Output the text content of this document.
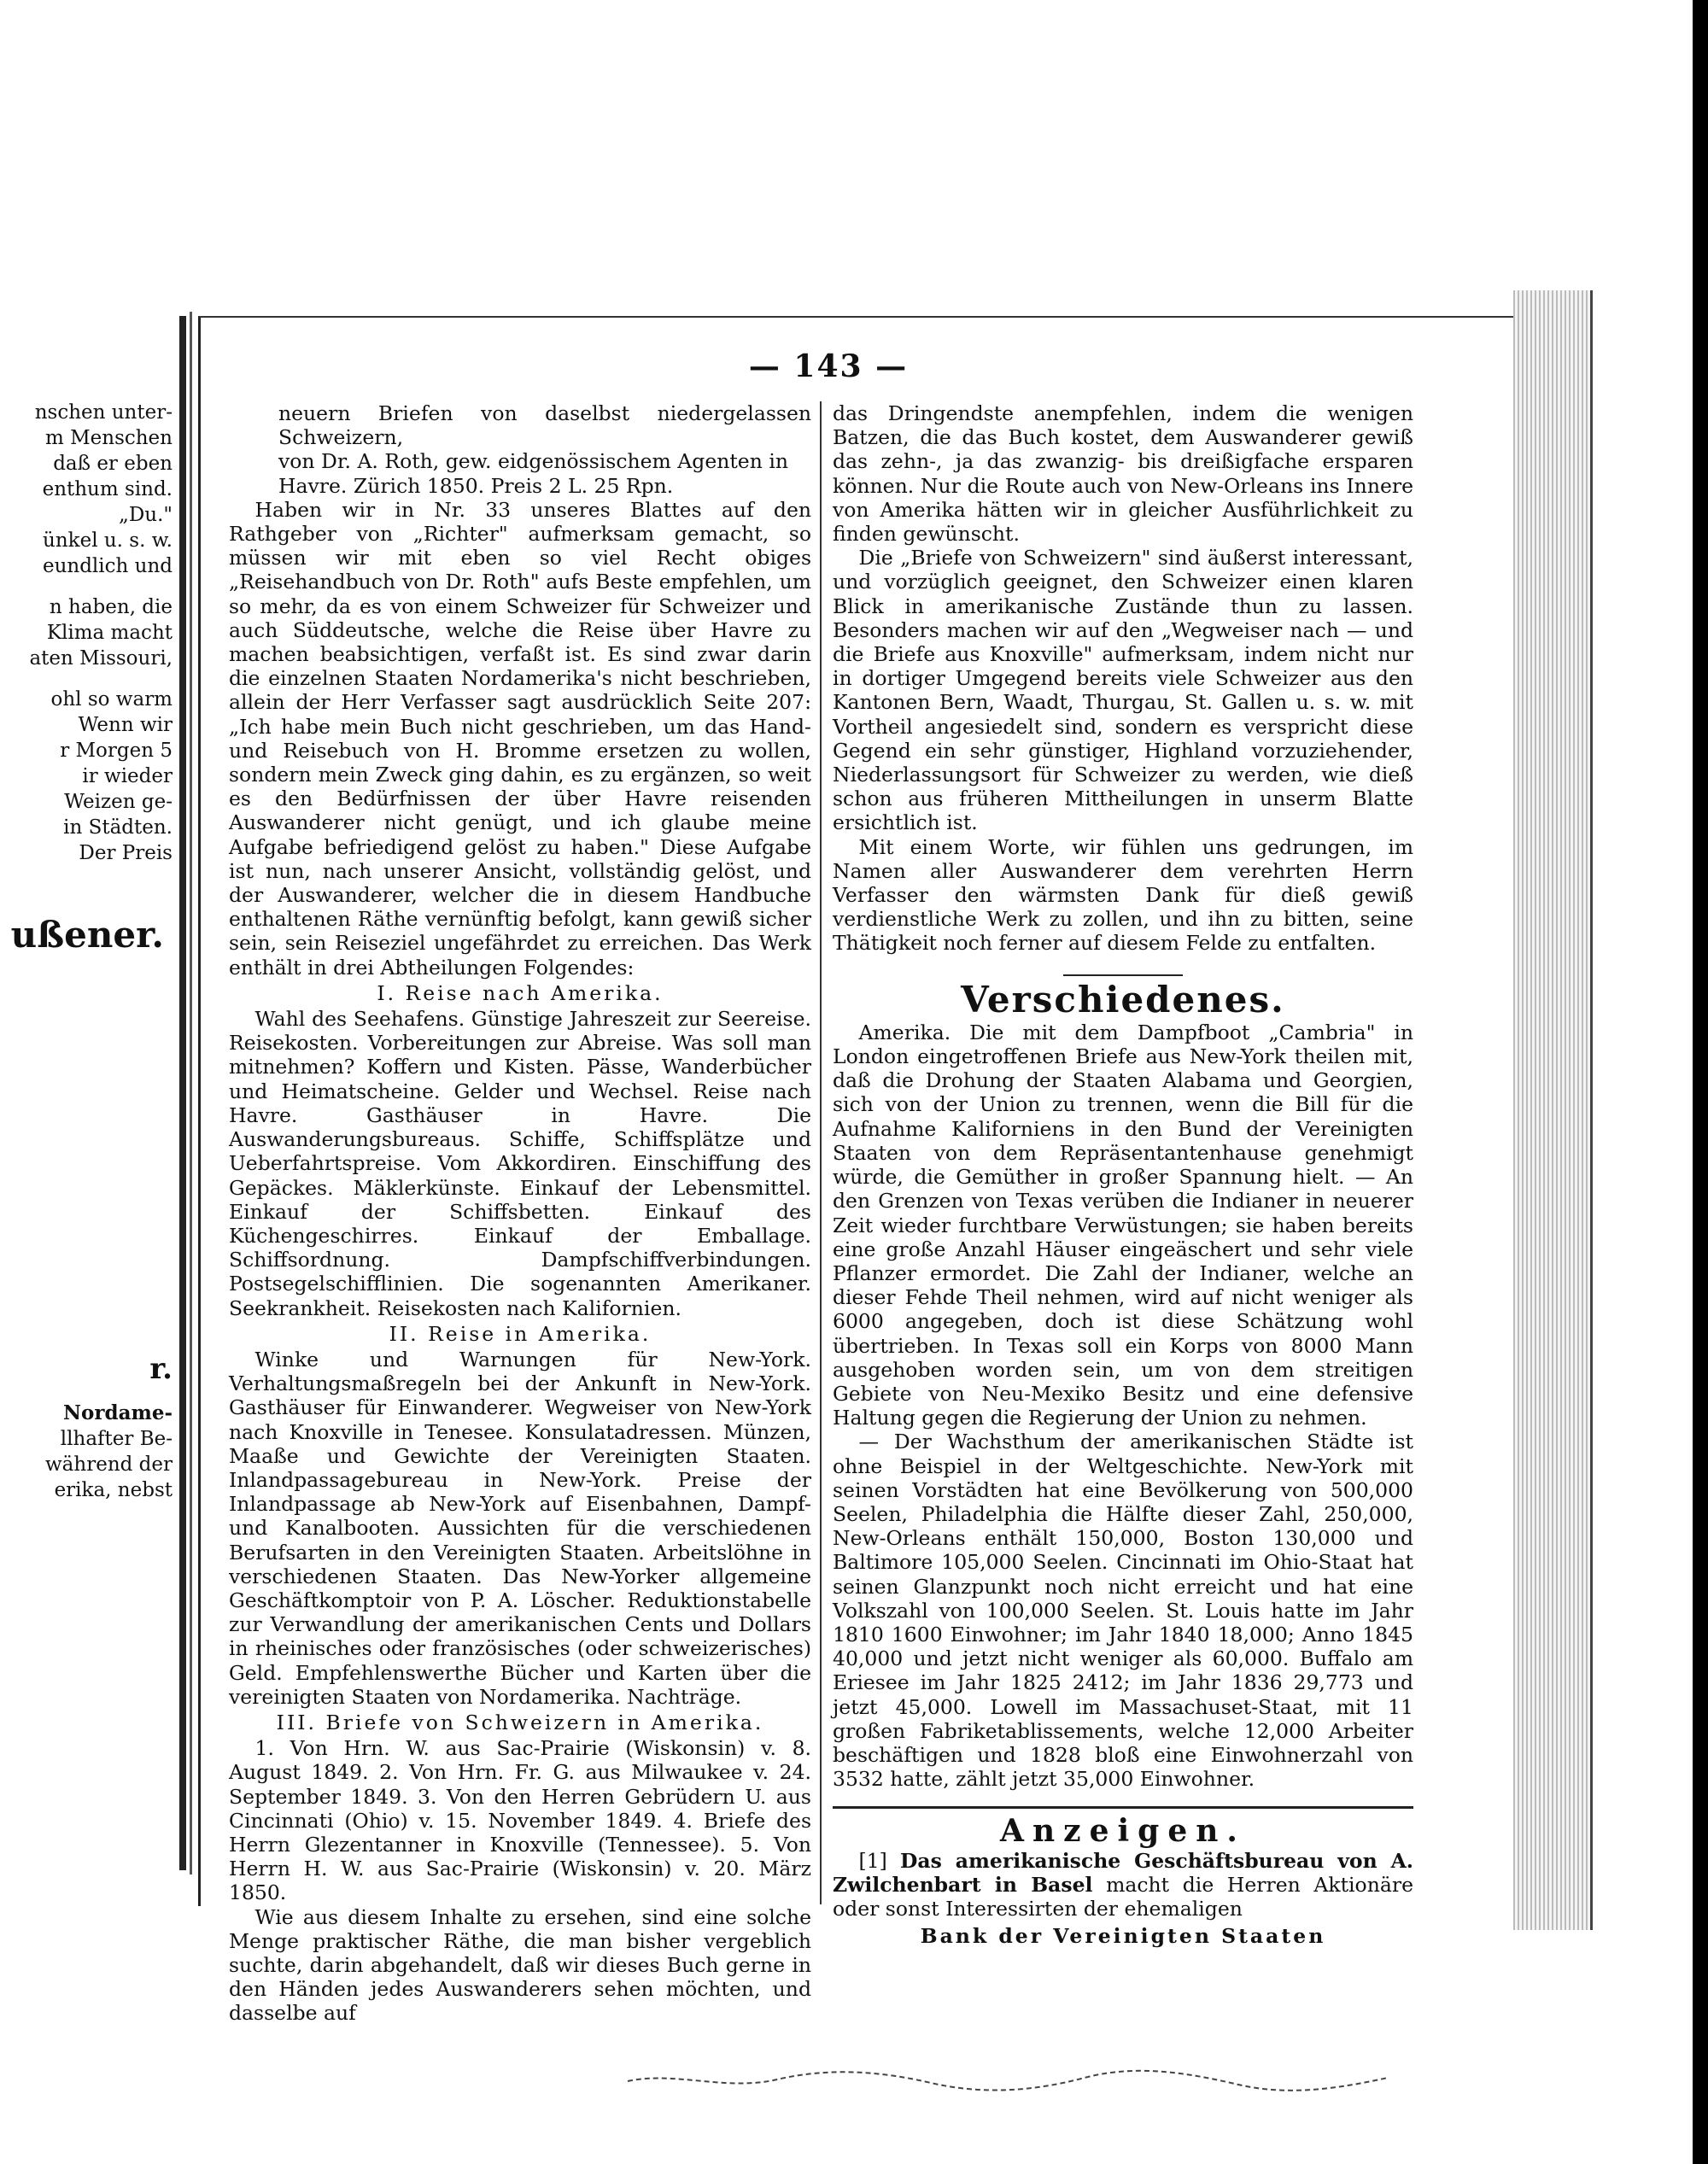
nschen unter-
m Menschen
daß er eben
enthum sind.
„Du."
ünkel u. s. w.
eundlich und
n haben, die
Klima macht
aten Missouri,
ohl so warm
Wenn wir
r Morgen 5
ir wieder
Weizen ge-
in Städten.
Der Preis
ußener.
r.
Nordame-
llhafter Be-
während der
erika, nebst
— 143 —

neuern Briefen von daselbst niedergelassen Schweizern,

von Dr. A. Roth, gew. eidgenössischem Agenten in

Havre. Zürich 1850. Preis 2 L. 25 Rpn.

Haben wir in Nr. 33 unseres Blattes auf den Rathgeber von „Richter" aufmerksam gemacht, so müssen wir mit eben so viel Recht obiges „Reisehandbuch von Dr. Roth" aufs Beste empfehlen, um so mehr, da es von einem Schweizer für Schweizer und auch Süddeutsche, welche die Reise über Havre zu machen beabsichtigen, verfaßt ist. Es sind zwar darin die einzelnen Staaten Nordamerika's nicht beschrieben, allein der Herr Verfasser sagt ausdrücklich Seite 207: „Ich habe mein Buch nicht geschrieben, um das Hand- und Reisebuch von H. Bromme ersetzen zu wollen, sondern mein Zweck ging dahin, es zu ergänzen, so weit es den Bedürfnissen der über Havre reisenden Auswanderer nicht genügt, und ich glaube meine Aufgabe befriedigend gelöst zu haben." Diese Aufgabe ist nun, nach unserer Ansicht, vollständig gelöst, und der Auswanderer, welcher die in diesem Handbuche enthaltenen Räthe vernünftig befolgt, kann gewiß sicher sein, sein Reiseziel ungefährdet zu erreichen. Das Werk enthält in drei Abtheilungen Folgendes:

I. Reise nach Amerika.

Wahl des Seehafens. Günstige Jahreszeit zur Seereise. Reisekosten. Vorbereitungen zur Abreise. Was soll man mitnehmen? Koffern und Kisten. Pässe, Wanderbücher und Heimatscheine. Gelder und Wechsel. Reise nach Havre. Gasthäuser in Havre. Die Auswanderungsbureaus. Schiffe, Schiffsplätze und Ueberfahrtspreise. Vom Akkordiren. Einschiffung des Gepäckes. Mäklerkünste. Einkauf der Lebensmittel. Einkauf der Schiffsbetten. Einkauf des Küchengeschirres. Einkauf der Emballage. Schiffsordnung. Dampfschiffverbindungen. Postsegelschifflinien. Die sogenannten Amerikaner. Seekrankheit. Reisekosten nach Kalifornien.

II. Reise in Amerika.

Winke und Warnungen für New-York. Verhaltungsmaßregeln bei der Ankunft in New-York. Gasthäuser für Einwanderer. Wegweiser von New-York nach Knoxville in Tenesee. Konsulatadressen. Münzen, Maaße und Gewichte der Vereinigten Staaten. Inlandpassagebureau in New-York. Preise der Inlandpassage ab New-York auf Eisenbahnen, Dampf- und Kanalbooten. Aussichten für die verschiedenen Berufsarten in den Vereinigten Staaten. Arbeitslöhne in verschiedenen Staaten. Das New-Yorker allgemeine Geschäftkomptoir von P. A. Löscher. Reduktionstabelle zur Verwandlung der amerikanischen Cents und Dollars in rheinisches oder französisches (oder schweizerisches) Geld. Empfehlenswerthe Bücher und Karten über die vereinigten Staaten von Nordamerika. Nachträge.

III. Briefe von Schweizern in Amerika.

1. Von Hrn. W. aus Sac-Prairie (Wiskonsin) v. 8. August 1849. 2. Von Hrn. Fr. G. aus Milwaukee v. 24. September 1849. 3. Von den Herren Gebrüdern U. aus Cincinnati (Ohio) v. 15. November 1849. 4. Briefe des Herrn Glezentanner in Knoxville (Tennessee). 5. Von Herrn H. W. aus Sac-Prairie (Wiskonsin) v. 20. März 1850.

Wie aus diesem Inhalte zu ersehen, sind eine solche Menge praktischer Räthe, die man bisher vergeblich suchte, darin abgehandelt, daß wir dieses Buch gerne in den Händen jedes Auswanderers sehen möchten, und dasselbe auf

das Dringendste anempfehlen, indem die wenigen Batzen, die das Buch kostet, dem Auswanderer gewiß das zehn-, ja das zwanzig- bis dreißigfache ersparen können. Nur die Route auch von New-Orleans ins Innere von Amerika hätten wir in gleicher Ausführlichkeit zu finden gewünscht.

Die „Briefe von Schweizern" sind äußerst interessant, und vorzüglich geeignet, den Schweizer einen klaren Blick in amerikanische Zustände thun zu lassen. Besonders machen wir auf den „Wegweiser nach — und die Briefe aus Knoxville" aufmerksam, indem nicht nur in dortiger Umgegend bereits viele Schweizer aus den Kantonen Bern, Waadt, Thurgau, St. Gallen u. s. w. mit Vortheil angesiedelt sind, sondern es verspricht diese Gegend ein sehr günstiger, Highland vorzuziehender, Niederlassungsort für Schweizer zu werden, wie dieß schon aus früheren Mittheilungen in unserm Blatte ersichtlich ist.

Mit einem Worte, wir fühlen uns gedrungen, im Namen aller Auswanderer dem verehrten Herrn Verfasser den wärmsten Dank für dieß gewiß verdienstliche Werk zu zollen, und ihn zu bitten, seine Thätigkeit noch ferner auf diesem Felde zu entfalten.

Verschiedenes.

Amerika. Die mit dem Dampfboot „Cambria" in London eingetroffenen Briefe aus New-York theilen mit, daß die Drohung der Staaten Alabama und Georgien, sich von der Union zu trennen, wenn die Bill für die Aufnahme Kaliforniens in den Bund der Vereinigten Staaten von dem Repräsentantenhause genehmigt würde, die Gemüther in großer Spannung hielt. — An den Grenzen von Texas verüben die Indianer in neuerer Zeit wieder furchtbare Verwüstungen; sie haben bereits eine große Anzahl Häuser eingeäschert und sehr viele Pflanzer ermordet. Die Zahl der Indianer, welche an dieser Fehde Theil nehmen, wird auf nicht weniger als 6000 angegeben, doch ist diese Schätzung wohl übertrieben. In Texas soll ein Korps von 8000 Mann ausgehoben worden sein, um von dem streitigen Gebiete von Neu-Mexiko Besitz und eine defensive Haltung gegen die Regierung der Union zu nehmen.

— Der Wachsthum der amerikanischen Städte ist ohne Beispiel in der Weltgeschichte. New-York mit seinen Vorstädten hat eine Bevölkerung von 500,000 Seelen, Philadelphia die Hälfte dieser Zahl, 250,000, New-Orleans enthält 150,000, Boston 130,000 und Baltimore 105,000 Seelen. Cincinnati im Ohio-Staat hat seinen Glanzpunkt noch nicht erreicht und hat eine Volkszahl von 100,000 Seelen. St. Louis hatte im Jahr 1810 1600 Einwohner; im Jahr 1840 18,000; Anno 1845 40,000 und jetzt nicht weniger als 60,000. Buffalo am Eriesee im Jahr 1825 2412; im Jahr 1836 29,773 und jetzt 45,000. Lowell im Massachuset-Staat, mit 11 großen Fabriketablissements, welche 12,000 Arbeiter beschäftigen und 1828 bloß eine Einwohnerzahl von 3532 hatte, zählt jetzt 35,000 Einwohner.

Anzeigen.

[1] Das amerikanische Geschäftsbureau von A. Zwilchenbart in Basel macht die Herren Aktionäre oder sonst Interessirten der ehemaligen

Bank der Vereinigten Staaten
